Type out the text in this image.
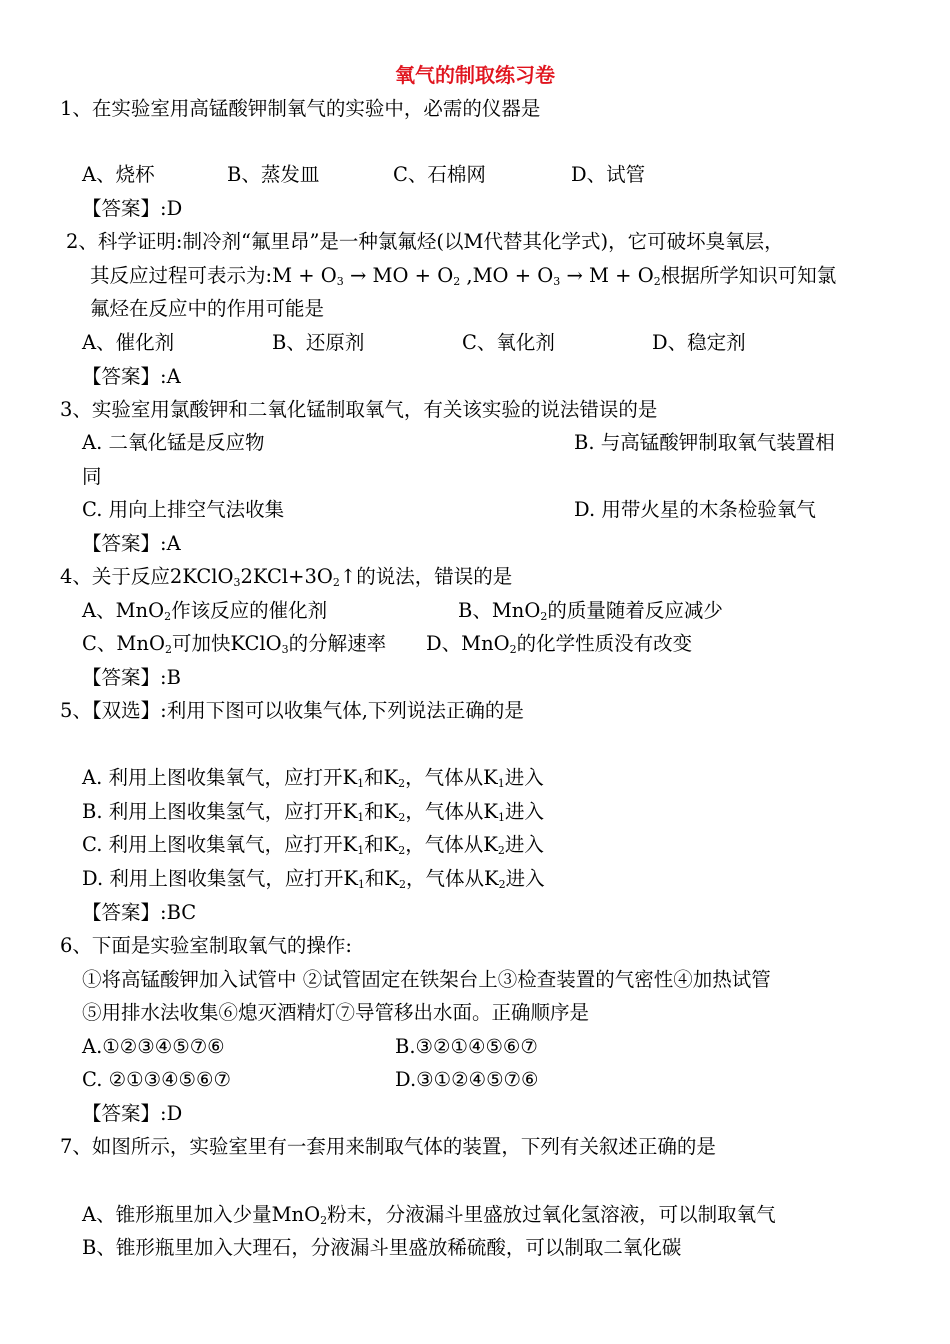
氧气的制取练习卷
1、在实验室用高锰酸钾制氧气的实验中，必需的仪器是
A、烧杯	B、蒸发皿	C、石棉网	D、试管
【答案】:D
2、科学证明:制冷剂“氟里昂”是一种氯氟烃(以M代替其化学式)，它可破坏臭氧层，
其反应过程可表示为:M + $O_3$ → MO + $O_2$ $,MO + O_3 \to M + O_2$根据所学知识可知氯
氟烃在反应中的作用可能是
A、催化剂	B、还原剂	C、氧化剂	D、稳定剂
【答案】:A
3、实验室用氯酸钾和二氧化锰制取氧气，有关该实验的说法错误的是
A. 二氧化锰是反应物	B. 与高锰酸钾制取氧气装置相
同
C. 用向上排空气法收集	D. 用带火星的木条检验氧气
【答案】:A
4、关于反应$2KClO_32KCl+3O_2↑$的说法，错误的是
A、MnO$_2$作该反应的催化剂	B、MnO$_2$的质量随着反应减少
C、MnO$_2$可加快KClO$_3$的分解速率 D、MnO$_2$的化学性质没有改变
【答案】:B
5、【双选】:利用下图可以收集气体,下列说法正确的是
A. 利用上图收集氧气，应打开$K_1$和$K_2$，气体从$K_1$进入
B. 利用上图收集氢气，应打开$K_1$和$K_2$，气体从$K_1$进入
C. 利用上图收集氧气，应打开$K_1$和$K_2$，气体从$K_2$进入
D. 利用上图收集氢气，应打开$K_1$和$K_2$，气体从$K_2$进入
【答案】:BC
6、下面是实验室制取氧气的操作:
①将高锰酸钾加入试管中 ②试管固定在铁架台上③检查装置的气密性④加热试管
⑤用排水法收集⑥熄灭酒精灯⑦导管移出水面。正确顺序是
A.①②③④⑤⑦⑥	B.③②①④⑤⑥⑦
C. ②①③④⑤⑥⑦	D.③①②④⑤⑦⑥
【答案】:D
7、如图所示，实验室里有一套用来制取气体的装置，下列有关叙述正确的是
A、锥形瓶里加入少量MnO$_2$粉末，分液漏斗里盛放过氧化氢溶液，可以制取氧气
B、锥形瓶里加入大理石，分液漏斗里盛放稀硫酸，可以制取二氧化碳
